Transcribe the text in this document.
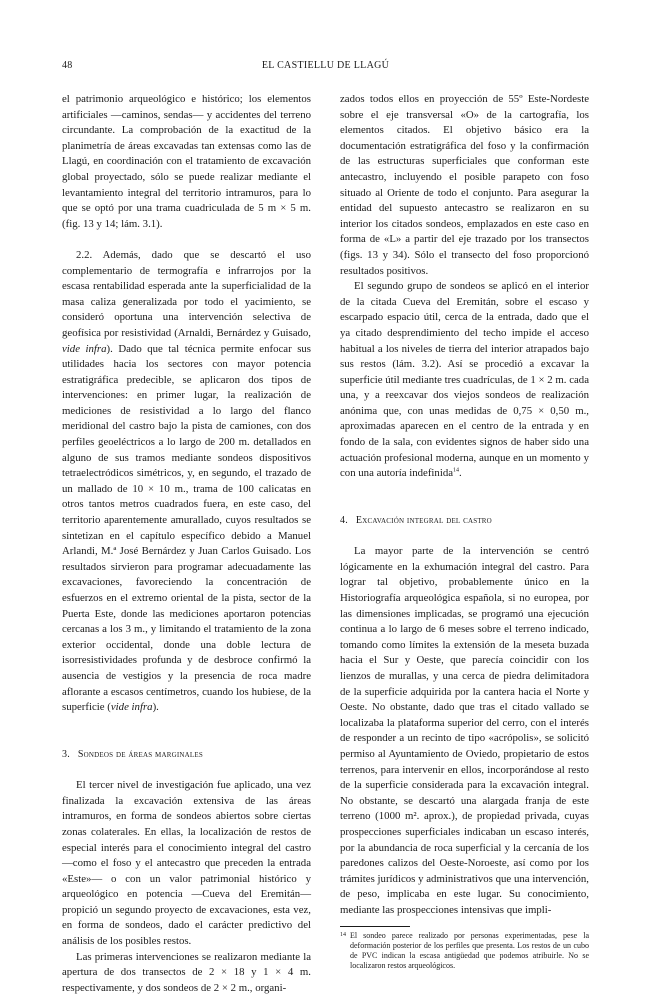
48	EL CASTIELLU DE LLAGÚ

el patrimonio arqueológico e histórico; los elementos artificiales —caminos, sendas— y accidentes del terreno circundante. La comprobación de la exactitud de la planimetría de áreas excavadas tan extensas como las de Llagú, en coordinación con el tratamiento de excavación global proyectado, sólo se puede realizar mediante el levantamiento integral del territorio intramuros, para lo que se optó por una trama cuadriculada de 5 m × 5 m. (fig. 13 y 14; lám. 3.1).

2.2. Además, dado que se descartó el uso complementario de termografía e infrarrojos por la escasa rentabilidad esperada ante la superficialidad de la masa caliza generalizada por todo el yacimiento, se consideró oportuna una intervención selectiva de geofísica por resistividad (Arnaldi, Bernárdez y Guisado, vide infra). Dado que tal técnica permite enfocar sus utilidades hacia los sectores con mayor potencia estratigráfica predecible, se aplicaron dos tipos de intervenciones: en primer lugar, la realización de mediciones de resistividad a lo largo del flanco meridional del castro bajo la pista de camiones, con dos perfiles geoeléctricos a lo largo de 200 m. detallados en alguno de sus tramos mediante sondeos dispositivos tetraelectródicos simétricos, y, en segundo, el trazado de un mallado de 10 × 10 m., trama de 100 calicatas en otros tantos metros cuadrados fuera, en este caso, del territorio aparentemente amurallado, cuyos resultados se sintetizan en el capítulo específico debido a Manuel Arlandi, M.ª José Bernárdez y Juan Carlos Guisado. Los resultados sirvieron para programar adecuadamente las excavaciones, favoreciendo la concentración de esfuerzos en el extremo oriental de la pista, sector de la Puerta Este, donde las mediciones aportaron potencias cercanas a los 3 m., y limitando el tratamiento de la zona exterior occidental, donde una doble lectura de isorresistividades profunda y de desbroce confirmó la ausencia de vestigios y la presencia de roca madre aflorante a escasos centímetros, cuando los hubiese, de la superficie (vide infra).

3. Sondeos de áreas marginales

El tercer nivel de investigación fue aplicado, una vez finalizada la excavación extensiva de las áreas intramuros, en forma de sondeos abiertos sobre ciertas zonas colaterales. En ellas, la localización de restos de especial interés para el conocimiento integral del castro —como el foso y el antecastro que preceden la entrada «Este»— o con un valor patrimonial histórico y arqueológico en potencia —Cueva del Eremitán— propició un segundo proyecto de excavaciones, esta vez, en forma de sondeos, dado el carácter predictivo del análisis de los posibles restos.

Las primeras intervenciones se realizaron mediante la apertura de dos transectos de 2 × 18 y 1 × 4 m. respectivamente, y dos sondeos de 2 × 2 m., organi-

zados todos ellos en proyección de 55º Este-Nordeste sobre el eje transversal «O» de la cartografía, los elementos citados. El objetivo básico era la documentación estratigráfica del foso y la confirmación de las estructuras superficiales que conforman este antecastro, incluyendo el posible parapeto con foso situado al Oriente de todo el conjunto. Para asegurar la entidad del supuesto antecastro se realizaron en su interior los citados sondeos, emplazados en este caso en forma de «L» a partir del eje trazado por los transectos (figs. 13 y 34). Sólo el transecto del foso proporcionó resultados positivos.

El segundo grupo de sondeos se aplicó en el interior de la citada Cueva del Eremitán, sobre el escaso y escarpado espacio útil, cerca de la entrada, dado que el ya citado desprendimiento del techo impide el acceso habitual a los niveles de tierra del interior atrapados bajo sus restos (lám. 3.2). Así se procedió a excavar la superficie útil mediante tres cuadrículas, de 1 × 2 m. cada una, y a reexcavar dos viejos sondeos de realización anónima que, con unas medidas de 0,75 × 0,50 m., aproximadas aparecen en el centro de la entrada y en fondo de la sala, con evidentes signos de haber sido una actuación profesional moderna, aunque en un momento y con una autoría indefinida$^{14}$.

4. Excavación integral del castro

La mayor parte de la intervención se centró lógicamente en la exhumación integral del castro. Para lograr tal objetivo, probablemente único en la Historiografía arqueológica española, si no europea, por las dimensiones implicadas, se programó una ejecución continua a lo largo de 6 meses sobre el terreno indicado, tomando como límites la extensión de la meseta buzada hacia el Sur y Oeste, que parecía coincidir con los lienzos de murallas, y una cerca de piedra delimitadora de la superficie adquirida por la cantera hacia el Norte y Oeste. No obstante, dado que tras el citado vallado se localizaba la plataforma superior del cerro, con el interés de responder a un recinto de tipo «acrópolis», se solicitó permiso al Ayuntamiento de Oviedo, propietario de estos terrenos, para intervenir en ellos, incorporándose al resto de la superficie considerada para la excavación integral. No obstante, se descartó una alargada franja de este terreno (1000 m². aprox.), de propiedad privada, cuyas prospecciones superficiales indicaban un escaso interés, por la abundancia de roca superficial y la cercanía de los paredones calizos del Oeste-Noroeste, así como por los trámites jurídicos y administrativos que una intervención, de peso, implicaba en este lugar. Su conocimiento, mediante las prospecciones intensivas que impli-

14 El sondeo parece realizado por personas experimentadas, pese la deformación posterior de los perfiles que presenta. Los restos de un cubo de PVC indican la escasa antigüedad que podemos atribuirle. No se localizaron restos arqueológicos.
